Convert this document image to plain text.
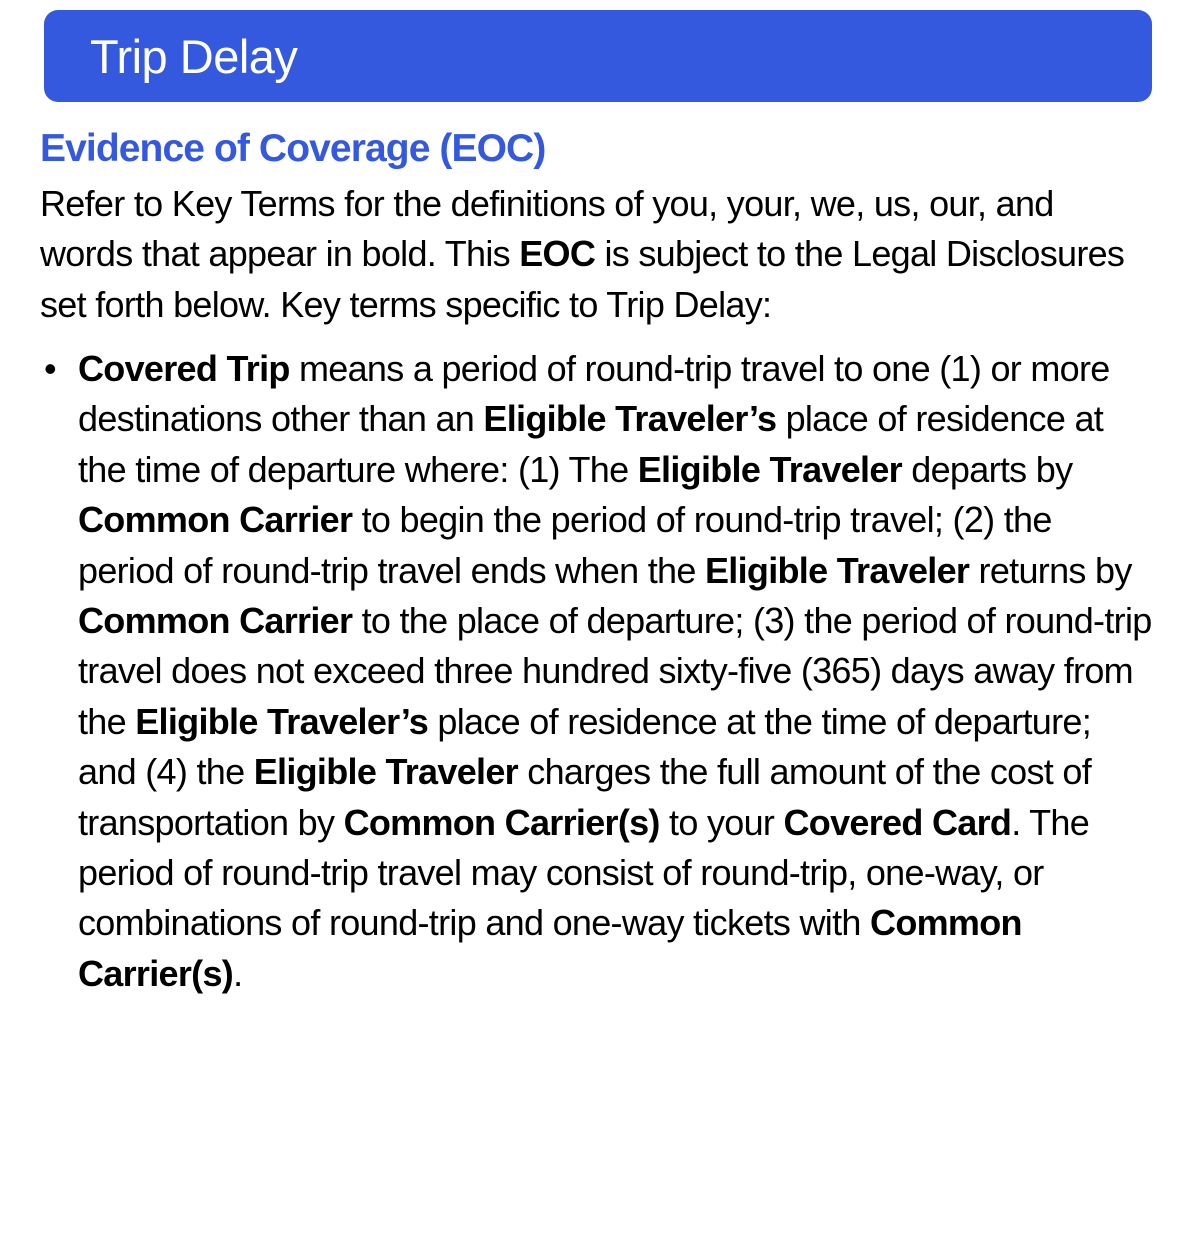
Trip Delay
Evidence of Coverage (EOC)

Refer to Key Terms for the definitions of you, your, we, us, our, and words that appear in bold. This EOC is subject to the Legal Disclosures set forth below. Key terms specific to Trip Delay:

• Covered Trip means a period of round-trip travel to one (1) or more destinations other than an Eligible Traveler’s place of residence at the time of departure where: (1) The Eligible Traveler departs by Common Carrier to begin the period of round-trip travel; (2) the period of round-trip travel ends when the Eligible Traveler returns by Common Carrier to the place of departure; (3) the period of round-trip travel does not exceed three hundred sixty-five (365) days away from the Eligible Traveler’s place of residence at the time of departure; and (4) the Eligible Traveler charges the full amount of the cost of transportation by Common Carrier(s) to your Covered Card. The period of round-trip travel may consist of round-trip, one-way, or combinations of round-trip and one-way tickets with Common Carrier(s).
